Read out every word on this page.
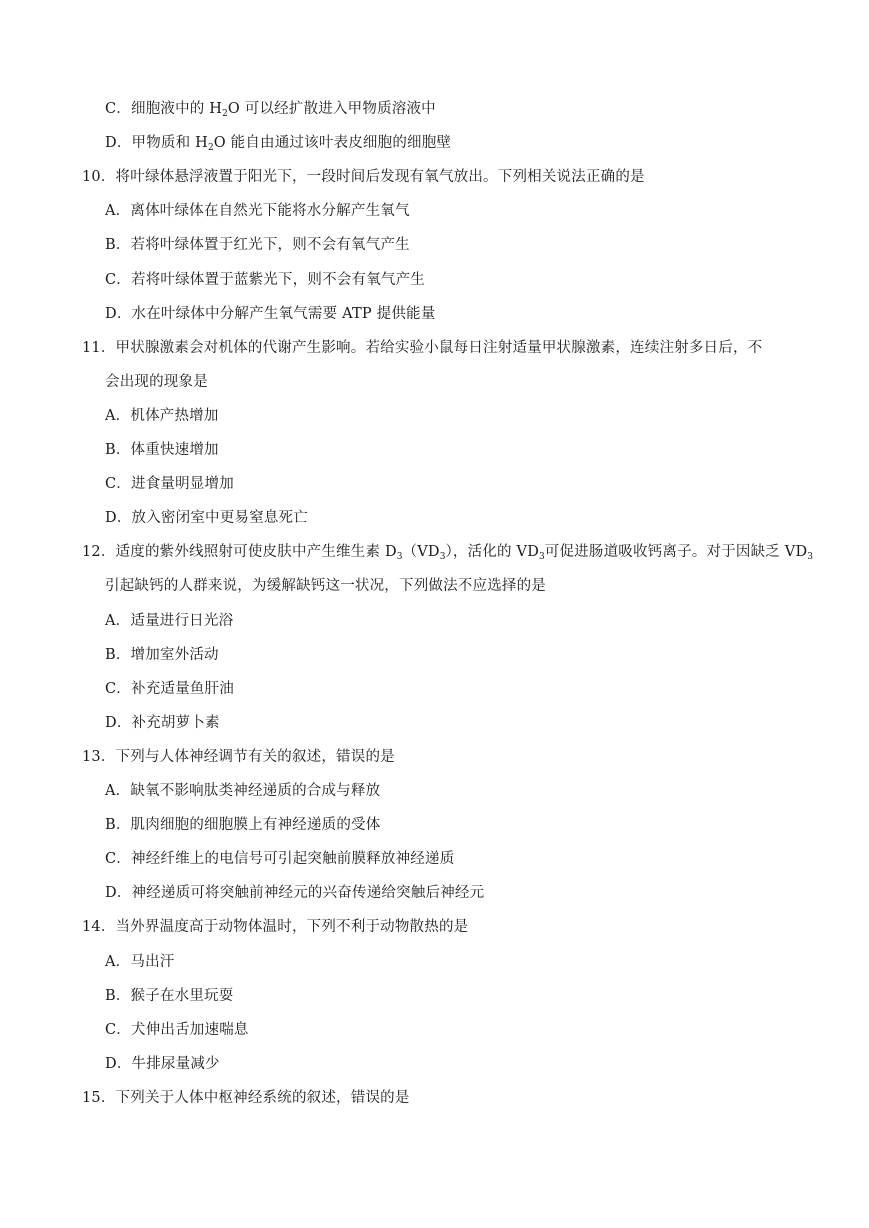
C．细胞液中的 $H_2O$ 可以经扩散进入甲物质溶液中
D．甲物质和 $H_2O$ 能自由通过该叶表皮细胞的细胞壁
10．将叶绿体悬浮液置于阳光下，一段时间后发现有氧气放出。下列相关说法正确的是
A．离体叶绿体在自然光下能将水分解产生氧气
B．若将叶绿体置于红光下，则不会有氧气产生
C．若将叶绿体置于蓝紫光下，则不会有氧气产生
D．水在叶绿体中分解产生氧气需要 ATP 提供能量
11．甲状腺激素会对机体的代谢产生影响。若给实验小鼠每日注射适量甲状腺激素，连续注射多日后，不
会出现的现象是
A．机体产热增加
B．体重快速增加
C．进食量明显增加
D．放入密闭室中更易窒息死亡
12．适度的紫外线照射可使皮肤中产生维生素 $D_3(VD_3)$，活化的 $VD_3$可促进肠道吸收钙离子。对于因缺乏 $VD_3$
引起缺钙的人群来说，为缓解缺钙这一状况，下列做法不应选择的是
A．适量进行日光浴
B．增加室外活动
C．补充适量鱼肝油
D．补充胡萝卜素
13．下列与人体神经调节有关的叙述，错误的是
A．缺氧不影响肽类神经递质的合成与释放
B．肌肉细胞的细胞膜上有神经递质的受体
C．神经纤维上的电信号可引起突触前膜释放神经递质
D．神经递质可将突触前神经元的兴奋传递给突触后神经元
14．当外界温度高于动物体温时，下列不利于动物散热的是
A．马出汗
B．猴子在水里玩耍
C．犬伸出舌加速喘息
D．牛排尿量减少
15．下列关于人体中枢神经系统的叙述，错误的是
